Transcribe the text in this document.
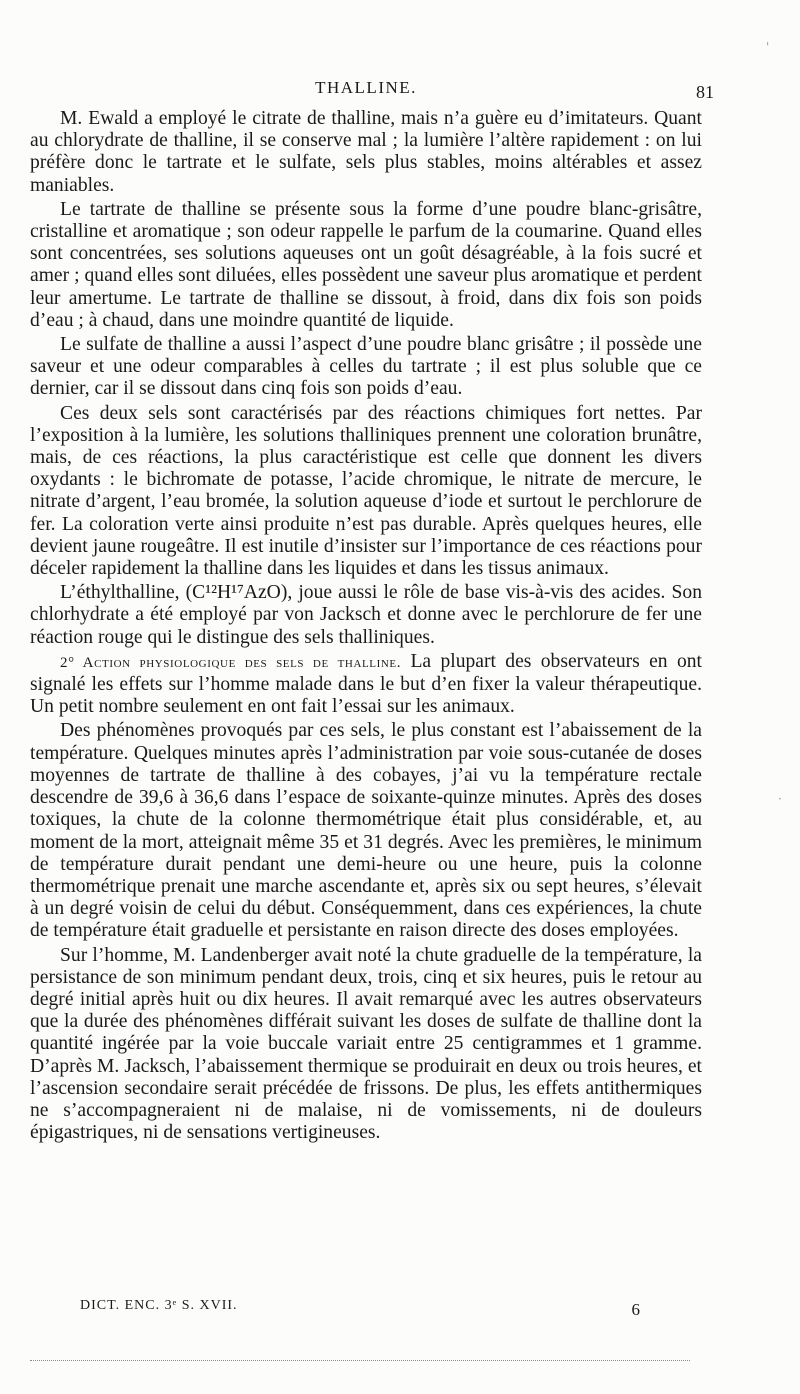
THALLINE.	81

M. Ewald a employé le citrate de thalline, mais n’a guère eu d’imitateurs. Quant au chlorydrate de thalline, il se conserve mal ; la lumière l’altère rapidement : on lui préfère donc le tartrate et le sulfate, sels plus stables, moins altérables et assez maniables.

Le tartrate de thalline se présente sous la forme d’une poudre blanc-grisâtre, cristalline et aromatique ; son odeur rappelle le parfum de la coumarine. Quand elles sont concentrées, ses solutions aqueuses ont un goût désagréable, à la fois sucré et amer ; quand elles sont diluées, elles possèdent une saveur plus aromatique et perdent leur amertume. Le tartrate de thalline se dissout, à froid, dans dix fois son poids d’eau ; à chaud, dans une moindre quantité de liquide.

Le sulfate de thalline a aussi l’aspect d’une poudre blanc grisâtre ; il possède une saveur et une odeur comparables à celles du tartrate ; il est plus soluble que ce dernier, car il se dissout dans cinq fois son poids d’eau.

Ces deux sels sont caractérisés par des réactions chimiques fort nettes. Par l’exposition à la lumière, les solutions thalliniques prennent une coloration brunâtre, mais, de ces réactions, la plus caractéristique est celle que donnent les divers oxydants : le bichromate de potasse, l’acide chromique, le nitrate de mercure, le nitrate d’argent, l’eau bromée, la solution aqueuse d’iode et surtout le perchlorure de fer. La coloration verte ainsi produite n’est pas durable. Après quelques heures, elle devient jaune rougeâtre. Il est inutile d’insister sur l’importance de ces réactions pour déceler rapidement la thalline dans les liquides et dans les tissus animaux.

L’éthylthalline, (C¹²H¹⁷AzO), joue aussi le rôle de base vis-à-vis des acides. Son chlorhydrate a été employé par von Jacksch et donne avec le perchlorure de fer une réaction rouge qui le distingue des sels thalliniques.

2° Action physiologique des sels de thalline. La plupart des observateurs en ont signalé les effets sur l’homme malade dans le but d’en fixer la valeur thérapeutique. Un petit nombre seulement en ont fait l’essai sur les animaux.

Des phénomènes provoqués par ces sels, le plus constant est l’abaissement de la température. Quelques minutes après l’administration par voie sous-cutanée de doses moyennes de tartrate de thalline à des cobayes, j’ai vu la température rectale descendre de 39,6 à 36,6 dans l’espace de soixante-quinze minutes. Après des doses toxiques, la chute de la colonne thermométrique était plus considérable, et, au moment de la mort, atteignait même 35 et 31 degrés. Avec les premières, le minimum de température durait pendant une demi-heure ou une heure, puis la colonne thermométrique prenait une marche ascendante et, après six ou sept heures, s’élevait à un degré voisin de celui du début. Conséquemment, dans ces expériences, la chute de température était graduelle et persistante en raison directe des doses employées.

Sur l’homme, M. Landenberger avait noté la chute graduelle de la température, la persistance de son minimum pendant deux, trois, cinq et six heures, puis le retour au degré initial après huit ou dix heures. Il avait remarqué avec les autres observateurs que la durée des phénomènes différait suivant les doses de sulfate de thalline dont la quantité ingérée par la voie buccale variait entre 25 centigrammes et 1 gramme. D’après M. Jacksch, l’abaissement thermique se produirait en deux ou trois heures, et l’ascension secondaire serait précédée de frissons. De plus, les effets antithermiques ne s’accompagneraient ni de malaise, ni de vomissements, ni de douleurs épigastriques, ni de sensations vertigineuses.

DICT. ENC. 3ᵉ S. XVII.	6
'
·
